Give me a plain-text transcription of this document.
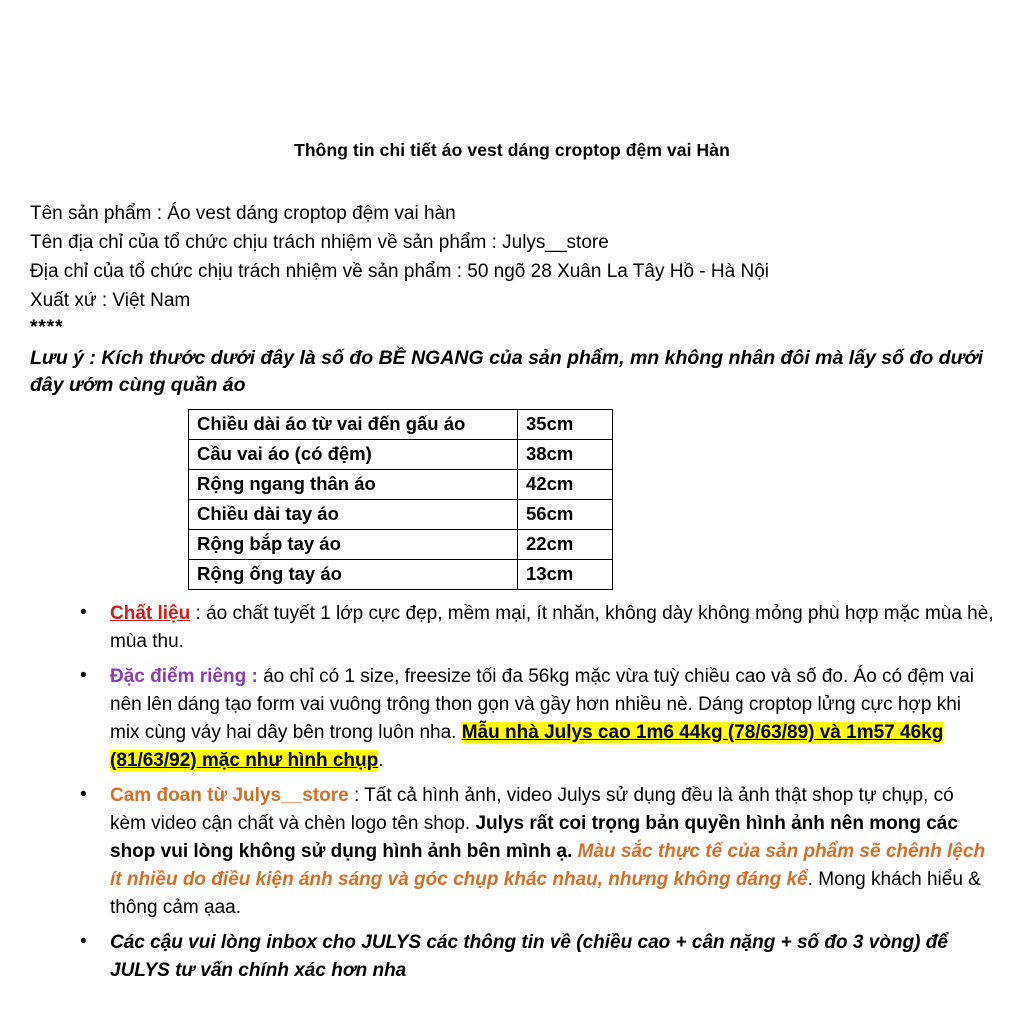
Thông tin chi tiết áo vest dáng croptop đệm vai Hàn
Tên sản phẩm : Áo vest dáng croptop đệm vai hàn
Tên địa chỉ của tổ chức chịu trách nhiệm về sản phẩm : Julys__store
Địa chỉ của tổ chức chịu trách nhiệm về sản phẩm : 50 ngõ 28 Xuân La Tây Hồ - Hà Nội
Xuất xứ : Việt Nam
****
Lưu ý : Kích thước dưới đây là số đo BỀ NGANG của sản phẩm, mn không nhân đôi mà lấy số đo dưới đây ướm cùng quần áo
Chiều dài áo từ vai đến gấu áo	35cm
Cầu vai áo (có đệm)	38cm
Rộng ngang thân áo	42cm
Chiều dài tay áo	56cm
Rộng bắp tay áo	22cm
Rộng ống tay áo	13cm
• Chất liệu : áo chất tuyết 1 lớp cực đẹp, mềm mại, ít nhăn, không dày không mỏng phù hợp mặc mùa hè, mùa thu.
• Đặc điểm riêng : áo chỉ có 1 size, freesize tối đa 56kg mặc vừa tuỳ chiều cao và số đo. Áo có đệm vai nên lên dáng tạo form vai vuông trông thon gọn và gầy hơn nhiều nè. Dáng croptop lửng cực hợp khi mix cùng váy hai dây bên trong luôn nha. Mẫu nhà Julys cao 1m6 44kg (78/63/89) và 1m57 46kg (81/63/92) mặc như hình chụp.
• Cam đoan từ Julys__store : Tất cả hình ảnh, video Julys sử dụng đều là ảnh thật shop tự chụp, có kèm video cận chất và chèn logo tên shop. Julys rất coi trọng bản quyền hình ảnh nên mong các shop vui lòng không sử dụng hình ảnh bên mình ạ. Màu sắc thực tế của sản phẩm sẽ chênh lệch ít nhiều do điều kiện ánh sáng và góc chụp khác nhau, nhưng không đáng kể. Mong khách hiểu & thông cảm ạaa.
• Các cậu vui lòng inbox cho JULYS các thông tin về (chiều cao + cân nặng + số đo 3 vòng) để JULYS tư vấn chính xác hơn nha
